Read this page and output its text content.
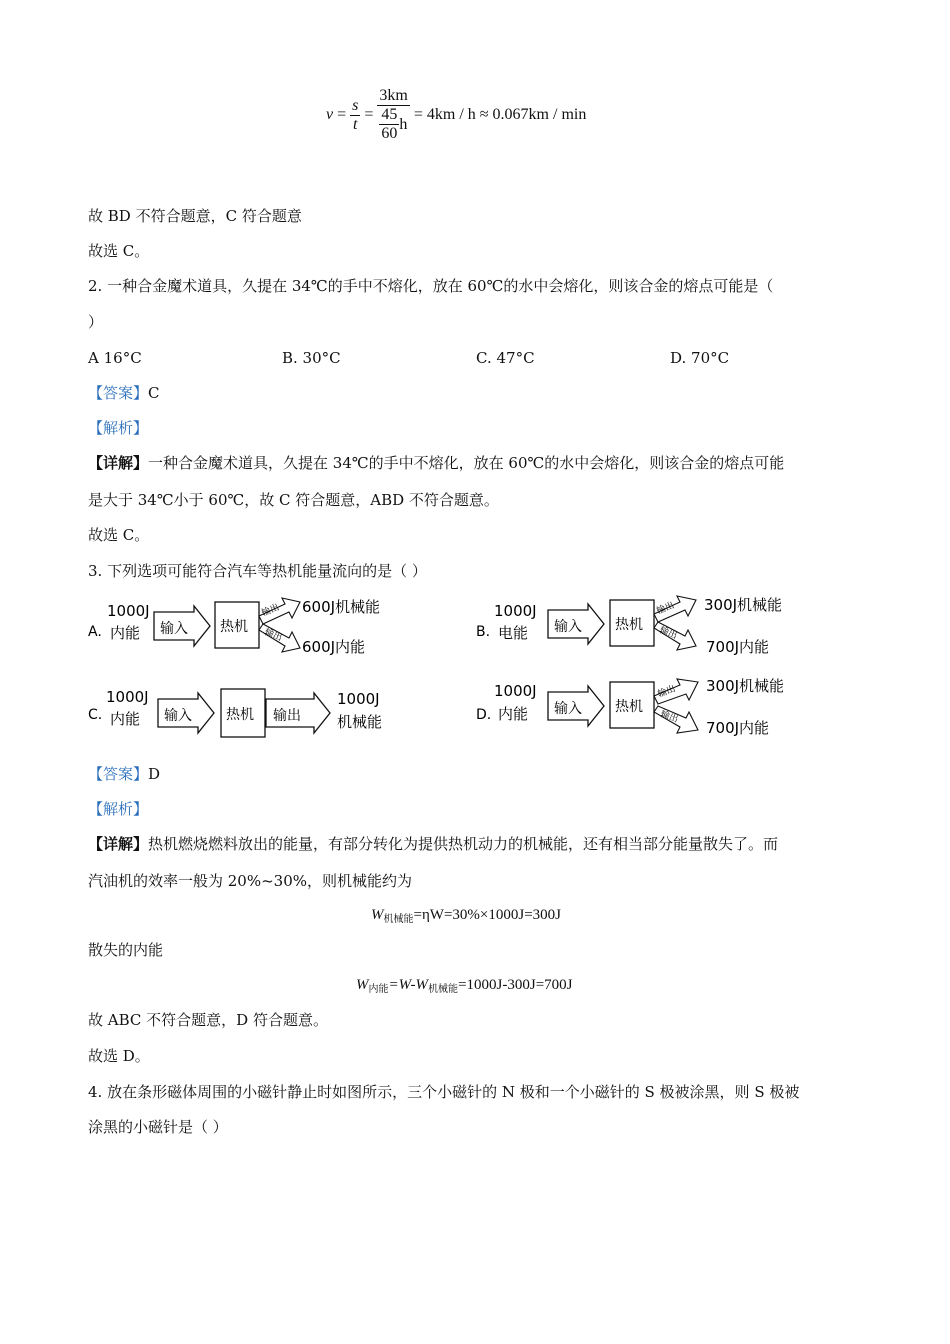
$v = \frac{s}{t} = \frac{3km}{\frac{45}{60} h} = 4km / h \approx 0.067km / \min$
故 BD 不符合题意，C 符合题意
故选 C。
2. 一种合金魔术道具，久提在 34℃的手中不熔化，放在 60℃的水中会熔化，则该合金的熔点可能是（
）
A 16°C	B. 30°C	C. 47°C	D. 70°C
【答案】C
【解析】
【详解】一种合金魔术道具，久提在 34℃的手中不熔化，放在 60℃的水中会熔化，则该合金的熔点可能
是大于 34℃小于 60℃，故 C 符合题意，ABD 不符合题意。
故选 C。
3. 下列选项可能符合汽车等热机能量流向的是（ ）
A.
1000J
内能 输入 热机
输出
输出
600J机械能
600J内能
B.
1000J
电能 输入 热机
输出
输出
300J机械能
700J内能
C.
1000J
内能 输入 热机 输出
1000J
机械能	D.
1000J
内能 输入 热机
输出
输出
300J机械能
700J内能
【答案】D
【解析】
【详解】热机燃烧燃料放出的能量，有部分转化为提供热机动力的机械能，还有相当部分能量散失了。而
汽油机的效率一般为 20%~30%，则机械能约为
$W_{机械能}=\eta W=30\%\times 1000J=300J$
散失的内能
$W_{内能}=W-W_{机械能}=1000J-300J=700J$
故 ABC 不符合题意，D 符合题意。
故选 D。
4. 放在条形磁体周围的小磁针静止时如图所示，三个小磁针的 N 极和一个小磁针的 S 极被涂黑，则 S 极被
涂黑的小磁针是（ ）
